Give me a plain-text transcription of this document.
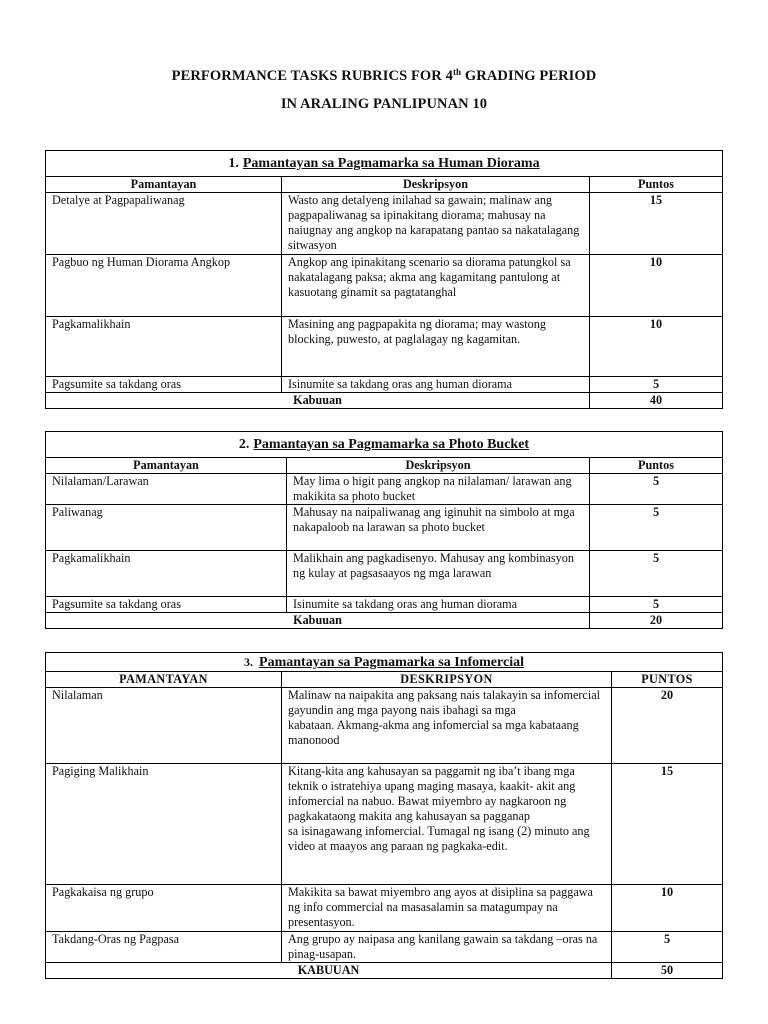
PERFORMANCE TASKS RUBRICS FOR 4th GRADING PERIOD
IN ARALING PANLIPUNAN 10
1. Pamantayan sa Pagmamarka sa Human Diorama		
Pamantayan	Deskripsyon	Puntos
Detalye at Pagpapaliwanag	Wasto ang detalyeng inilahad sa gawain; malinaw ang pagpapaliwanag sa ipinakitang diorama; mahusay na naiugnay ang angkop na karapatang pantao sa nakatalagang sitwasyon	15
Pagbuo ng Human Diorama Angkop	Angkop ang ipinakitang scenario sa diorama patungkol sa nakatalagang paksa; akma ang kagamitang pantulong at kasuotang ginamit sa pagtatanghal	10
Pagkamalikhain	Masining ang pagpapakita ng diorama; may wastong blocking, puwesto, at paglalagay ng kagamitan.	10
Pagsumite sa takdang oras	Isinumite sa takdang oras ang human diorama	5
Kabuuan		40
2. Pamantayan sa Pagmamarka sa Photo Bucket		
Pamantayan	Deskripsyon	Puntos
Nilalaman/Larawan	May lima o higit pang angkop na nilalaman/ larawan ang makikita sa photo bucket	5
Paliwanag	Mahusay na naipaliwanag ang iginuhit na simbolo at mga nakapaloob na larawan sa photo bucket	5
Pagkamalikhain	Malikhain ang pagkadisenyo. Mahusay ang kombinasyon ng kulay at pagsasaayos ng mga larawan	5
Pagsumite sa takdang oras	Isinumite sa takdang oras ang human diorama	5
Kabuuan		20
3. Pamantayan sa Pagmamarka sa Infomercial		
PAMANTAYAN	DESKRIPSYON	PUNTOS
Nilalaman	Malinaw na naipakita ang paksang nais talakayin sa infomercial gayundin ang mga payong nais ibahagi sa mga

kabataan. Akmang-akma ang infomercial sa mga kabataang manonood	20
Pagiging Malikhain	Kitang-kita ang kahusayan sa paggamit ng iba’t ibang mga teknik o istratehiya upang maging masaya, kaakit- akit ang infomercial na nabuo. Bawat miyembro ay nagkaroon ng pagkakataong makita ang kahusayan sa pagganap

sa isinagawang infomercial. Tumagal ng isang (2) minuto ang video at maayos ang paraan ng pagkaka-edit.	15
Pagkakaisa ng grupo	Makikita sa bawat miyembro ang ayos at disiplina sa paggawa ng info commercial na masasalamin sa matagumpay na presentasyon.	10
Takdang-Oras ng Pagpasa	Ang grupo ay naipasa ang kanilang gawain sa takdang –oras na pinag-usapan.	5
KABUUAN		50
